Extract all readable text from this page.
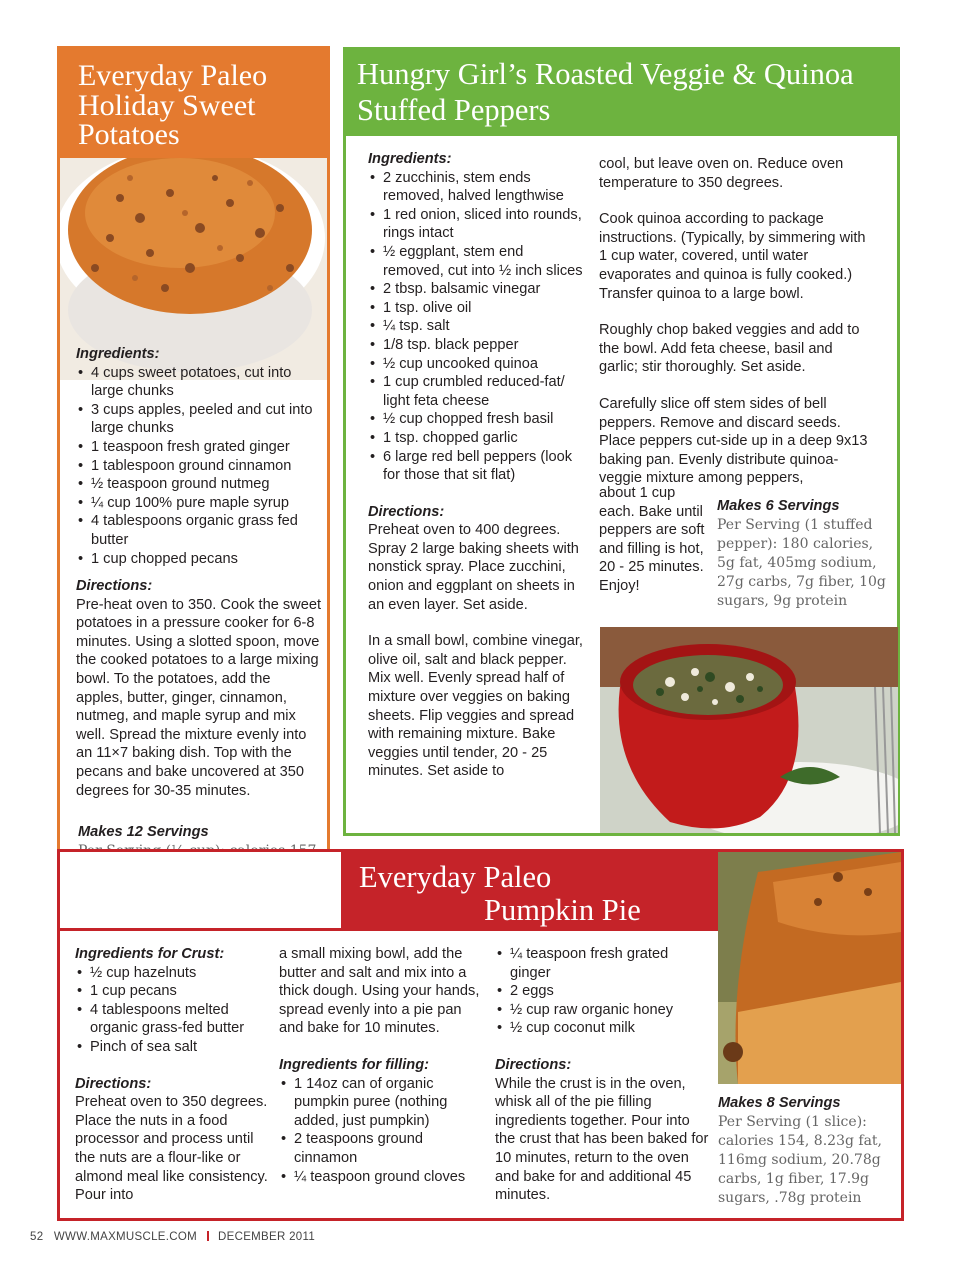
Everyday Paleo
Holiday Sweet
Potatoes
Ingredients:
• 4 cups sweet potatoes, cut into large chunks
• 3 cups apples, peeled and cut into large chunks
• 1 teaspoon fresh grated ginger
• 1 tablespoon ground cinnamon
• ½ teaspoon ground nutmeg
• ¼ cup 100% pure maple syrup
• 4 tablespoons organic grass fed butter
• 1 cup chopped pecans
Directions:

Pre-heat oven to 350. Cook the sweet potatoes in a pressure cooker for 6-8 minutes. Using a slotted spoon, move the cooked potatoes to a large mixing bowl. To the potatoes, add the apples, butter, ginger, cinnamon, nutmeg, and maple syrup and mix well. Spread the mixture evenly into an 11×7 baking dish. Top with the pecans and bake uncovered at 350 degrees for 30-35 minutes.

Makes 12 Servings
Hungry Girl’s Roasted Veggie & Quinoa
Stuffed Peppers
Ingredients:
• 2 zucchinis, stem ends removed, halved lengthwise
• 1 red onion, sliced into rounds, rings intact
• ½ eggplant, stem end removed, cut into ½ inch slices
• 2 tbsp. balsamic vinegar
• 1 tsp. olive oil
• ¼ tsp. salt
• 1/8 tsp. black pepper
• ½ cup uncooked quinoa
• 1 cup crumbled reduced-fat/ light feta cheese
• ½ cup chopped fresh basil
• 1 tsp. chopped garlic
• 6 large red bell peppers (look for those that sit flat)
Directions:

Preheat oven to 400 degrees. Spray 2 large baking sheets with nonstick spray. Place zucchini, onion and eggplant on sheets in an even layer. Set aside.

In a small bowl, combine vinegar, olive oil, salt and black pepper. Mix well. Evenly spread half of mixture over veggies on baking sheets. Flip veggies and spread with remaining mixture. Bake veggies until tender, 20 - 25 minutes. Set aside to

cool, but leave oven on. Reduce oven temperature to 350 degrees.

Cook quinoa according to package instructions. (Typically, by simmering with 1 cup water, covered, until water evaporates and quinoa is fully cooked.) Transfer quinoa to a large bowl.

Roughly chop baked veggies and add to the bowl. Add feta cheese, basil and garlic; stir thoroughly. Set aside.

Carefully slice off stem sides of bell peppers. Remove and discard seeds. Place peppers cut-side up in a deep 9x13 baking pan. Evenly distribute quinoa-veggie mixture among peppers,

about 1 cup each. Bake until peppers are soft and filling is hot, 20 - 25 minutes. Enjoy!

Makes 6 Servings
Per Serving (1 stuffed pepper): 180 calories, 5g fat, 405mg sodium, 27g carbs, 7g fiber, 10g sugars, 9g protein
Everyday Paleo
Pumpkin Pie
Ingredients for Crust:
• ½ cup hazelnuts
• 1 cup pecans
• 4 tablespoons melted organic grass-fed butter
• Pinch of sea salt
Directions:

Preheat oven to 350 degrees. Place the nuts in a food processor and process until the nuts are a flour-like or almond meal like consistency. Pour into

a small mixing bowl, add the butter and salt and mix into a thick dough. Using your hands, spread evenly into a pie pan and bake for 10 minutes.

Ingredients for filling:
• 1 14oz can of organic pumpkin puree (nothing added, just pumpkin)
• 2 teaspoons ground cinnamon
• ¼ teaspoon ground cloves
• ¼ teaspoon fresh grated ginger
• 2 eggs
• ½ cup raw organic honey
• ½ cup coconut milk
Directions:

While the crust is in the oven, whisk all of the pie filling ingredients together. Pour into the crust that has been baked for 10 minutes, return to the oven and bake for and additional 45 minutes.

Makes 8 Servings
Per Serving (1 slice): calories 154, 8.23g fat, 116mg sodium, 20.78g carbs, 1g fiber, 17.9g sugars, .78g protein
52 WWW.MAXMUSCLE.COM DECEMBER 2011
